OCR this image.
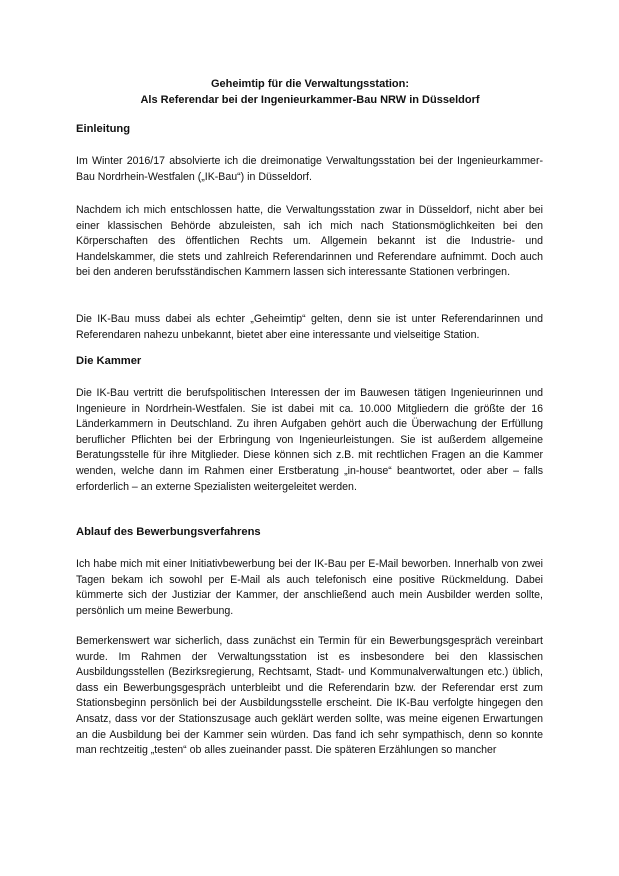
Geheimtip für die Verwaltungsstation:
Als Referendar bei der Ingenieurkammer-Bau NRW in Düsseldorf
Einleitung

Im Winter 2016/17 absolvierte ich die dreimonatige Verwaltungsstation bei der Ingenieurkammer-Bau Nordrhein-Westfalen („IK-Bau“) in Düsseldorf.

Nachdem ich mich entschlossen hatte, die Verwaltungsstation zwar in Düsseldorf, nicht aber bei einer klassischen Behörde abzuleisten, sah ich mich nach Stationsmöglichkeiten bei den Körperschaften des öffentlichen Rechts um. Allgemein bekannt ist die Industrie- und Handelskammer, die stets und zahlreich Referendarinnen und Referendare aufnimmt. Doch auch bei den anderen berufsständischen Kammern lassen sich interessante Stationen verbringen.

Die IK-Bau muss dabei als echter „Geheimtip“ gelten, denn sie ist unter Referendarinnen und Referendaren nahezu unbekannt, bietet aber eine interessante und vielseitige Station.

Die Kammer

Die IK-Bau vertritt die berufspolitischen Interessen der im Bauwesen tätigen Ingenieurinnen und Ingenieure in Nordrhein-Westfalen. Sie ist dabei mit ca. 10.000 Mitgliedern die größte der 16 Länderkammern in Deutschland. Zu ihren Aufgaben gehört auch die Überwachung der Erfüllung beruflicher Pflichten bei der Erbringung von Ingenieurleistungen. Sie ist außerdem allgemeine Beratungsstelle für ihre Mitglieder. Diese können sich z.B. mit rechtlichen Fragen an die Kammer wenden, welche dann im Rahmen einer Erstberatung „in-house“ beantwortet, oder aber – falls erforderlich – an externe Spezialisten weitergeleitet werden.

Ablauf des Bewerbungsverfahrens

Ich habe mich mit einer Initiativbewerbung bei der IK-Bau per E-Mail beworben. Innerhalb von zwei Tagen bekam ich sowohl per E-Mail als auch telefonisch eine positive Rückmeldung. Dabei kümmerte sich der Justiziar der Kammer, der anschließend auch mein Ausbilder werden sollte, persönlich um meine Bewerbung.

Bemerkenswert war sicherlich, dass zunächst ein Termin für ein Bewerbungsgespräch vereinbart wurde. Im Rahmen der Verwaltungsstation ist es insbesondere bei den klassischen Ausbildungsstellen (Bezirksregierung, Rechtsamt, Stadt- und Kommunalverwaltungen etc.) üblich, dass ein Bewerbungsgespräch unterbleibt und die Referendarin bzw. der Referendar erst zum Stationsbeginn persönlich bei der Ausbildungsstelle erscheint. Die IK-Bau verfolgte hingegen den Ansatz, dass vor der Stationszusage auch geklärt werden sollte, was meine eigenen Erwartungen an die Ausbildung bei der Kammer sein würden. Das fand ich sehr sympathisch, denn so konnte man rechtzeitig „testen“ ob alles zueinander passt. Die späteren Erzählungen so mancher
